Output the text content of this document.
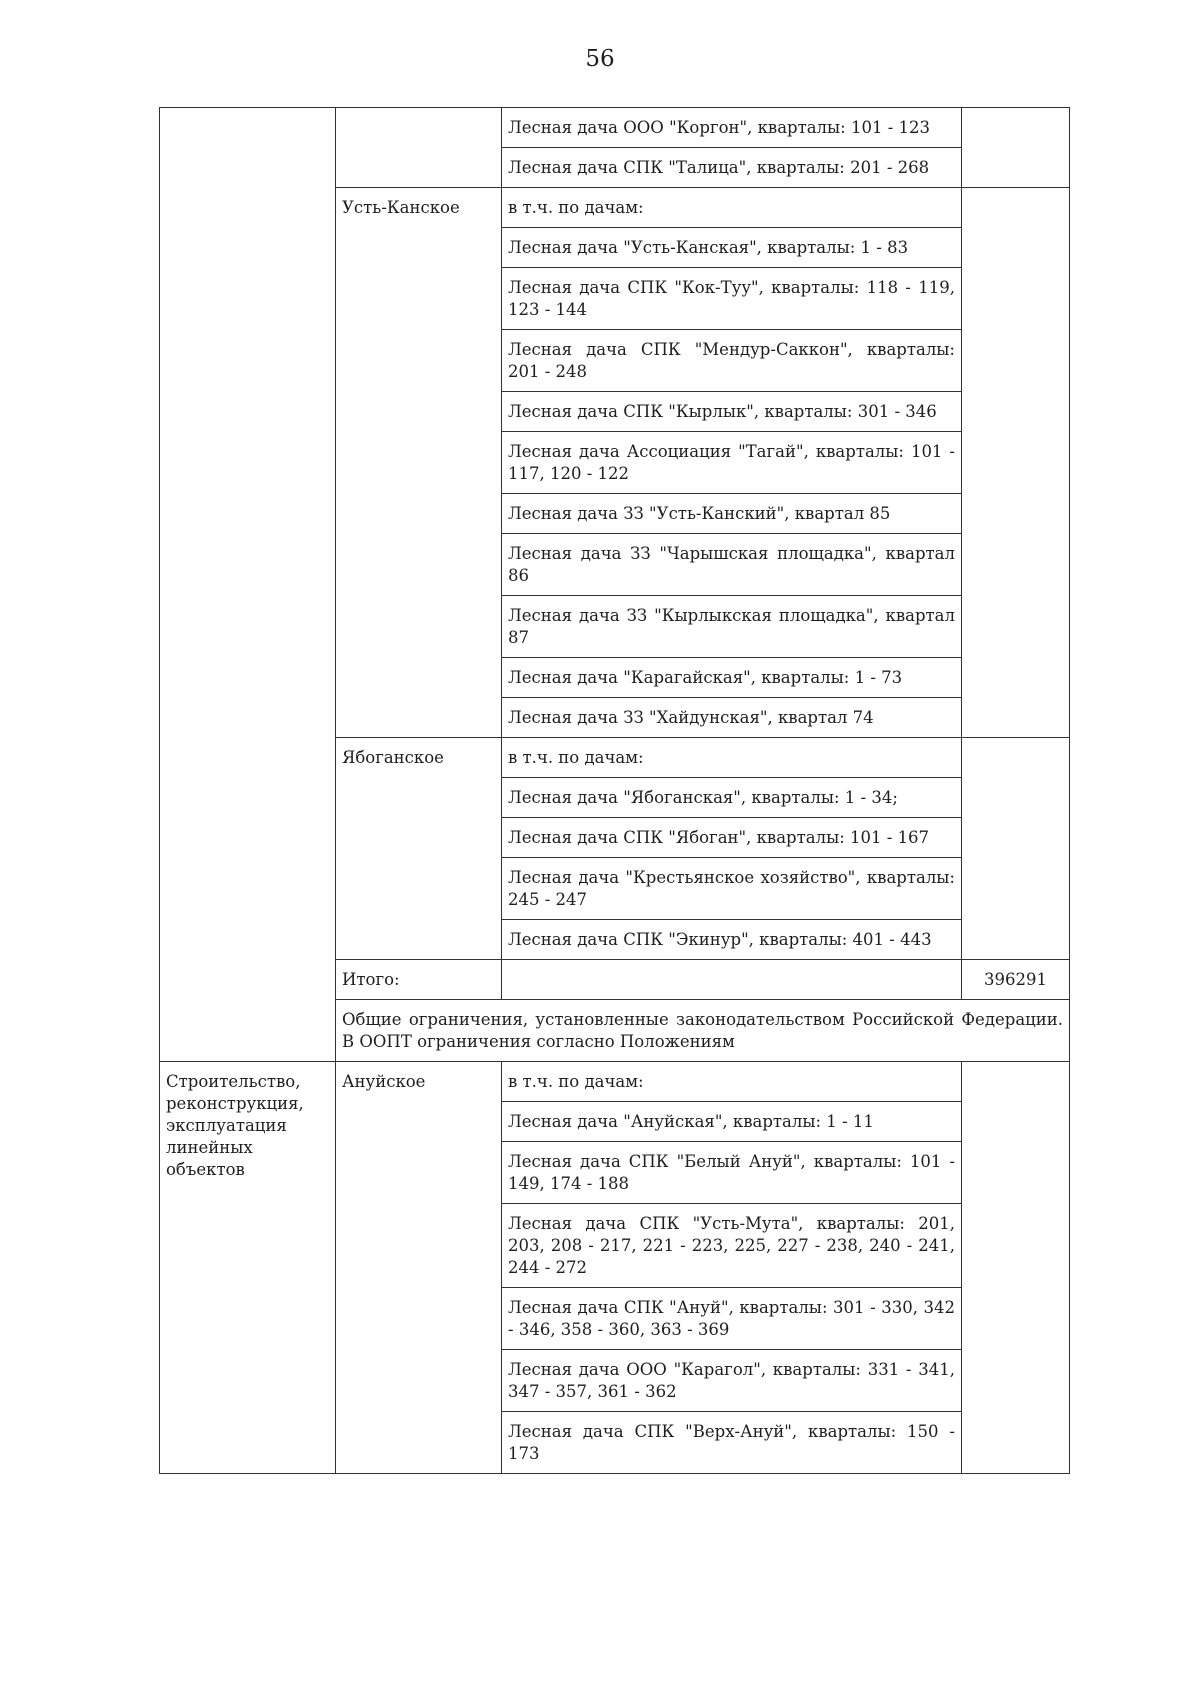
56
		Лесная дача ООО "Коргон", кварталы: 101 - 123	
		Лесная дача СПК "Талица", кварталы: 201 - 268	
	Усть-Канское	в т.ч. по дачам:	
		Лесная дача "Усть-Канская", кварталы: 1 - 83	
		Лесная дача СПК "Кок-Туу", кварталы: 118 - 119, 123 - 144	
		Лесная дача СПК "Мендур-Саккон", кварталы: 201 - 248	
		Лесная дача СПК "Кырлык", кварталы: 301 - 346	
		Лесная дача Ассоциация "Тагай", кварталы: 101 - 117, 120 - 122	
		Лесная дача ЗЗ "Усть-Канский", квартал 85	
		Лесная дача ЗЗ "Чарышская площадка", квартал 86	
		Лесная дача ЗЗ "Кырлыкская площадка", квартал 87	
		Лесная дача "Карагайская", кварталы: 1 - 73	
		Лесная дача ЗЗ "Хайдунская", квартал 74	
	Ябоганское	в т.ч. по дачам:	
		Лесная дача "Ябоганская", кварталы: 1 - 34;	
		Лесная дача СПК "Ябоган", кварталы: 101 - 167	
		Лесная дача "Крестьянское хозяйство", кварталы: 245 - 247	
		Лесная дача СПК "Экинур", кварталы: 401 - 443	
	Итого:		396291
	Общие ограничения, установленные законодательством Российской Федерации. В ООПТ ограничения согласно Положениям		
Строительство, реконструкция, эксплуатация линейных объектов	Ануйское	в т.ч. по дачам:	
		Лесная дача "Ануйская", кварталы: 1 - 11	
		Лесная дача СПК "Белый Ануй", кварталы: 101 - 149, 174 - 188	
		Лесная дача СПК "Усть-Мута", кварталы: 201, 203, 208 - 217, 221 - 223, 225, 227 - 238, 240 - 241, 244 - 272	
		Лесная дача СПК "Ануй", кварталы: 301 - 330, 342 - 346, 358 - 360, 363 - 369	
		Лесная дача ООО "Карагол", кварталы: 331 - 341, 347 - 357, 361 - 362	
		Лесная дача СПК "Верх-Ануй", кварталы: 150 - 173	
